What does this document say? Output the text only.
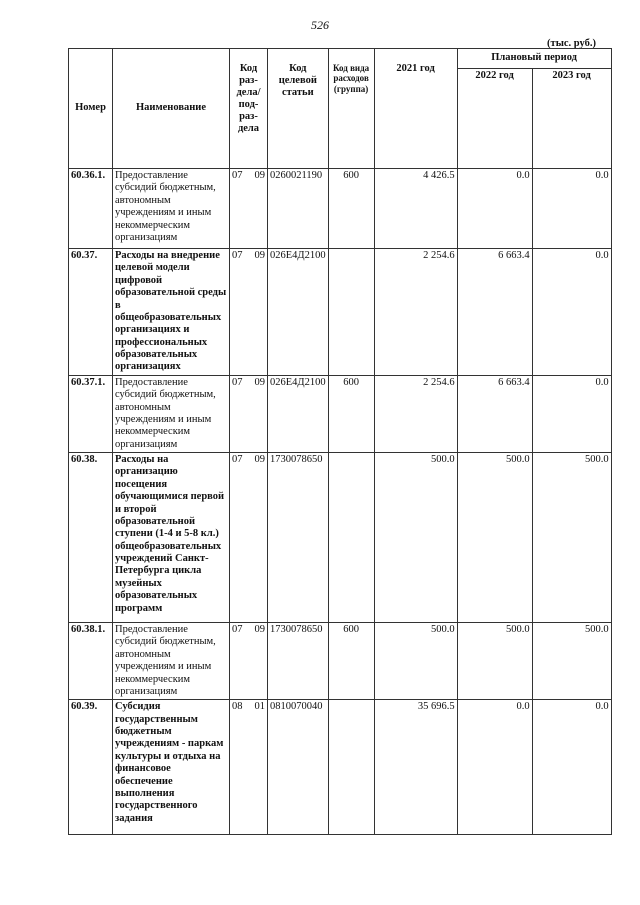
526
(тыс. руб.)
Номер	Наименование	Код раз-дела/ под-раз-дела	Код целевой статьи	Код вида расходов (группа)	2021 год	Плановый период	
						2022 год	2023 год
60.36.1.	Предоставление субсидий бюджетным, автономным учреждениям и иным некоммерческим организациям	07 09	0260021190	600	4 426.5	0.0	0.0
60.37.	Расходы на внедрение целевой модели цифровой образовательной среды в общеобразовательных организациях и профессиональных образовательных организациях	07 09	026Е4Д2100		2 254.6	6 663.4	0.0
60.37.1.	Предоставление субсидий бюджетным, автономным учреждениям и иным некоммерческим организациям	07 09	026Е4Д2100	600	2 254.6	6 663.4	0.0
60.38.	Расходы на организацию посещения обучающимися первой и второй образовательной ступени (1-4 и 5-8 кл.) общеобразовательных учреждений Санкт-Петербурга цикла музейных образовательных программ	07 09	1730078650		500.0	500.0	500.0
60.38.1.	Предоставление субсидий бюджетным, автономным учреждениям и иным некоммерческим организациям	07 09	1730078650	600	500.0	500.0	500.0
60.39.	Субсидия государственным бюджетным учреждениям - паркам культуры и отдыха на финансовое обеспечение выполнения государственного задания	08 01	0810070040		35 696.5	0.0	0.0
